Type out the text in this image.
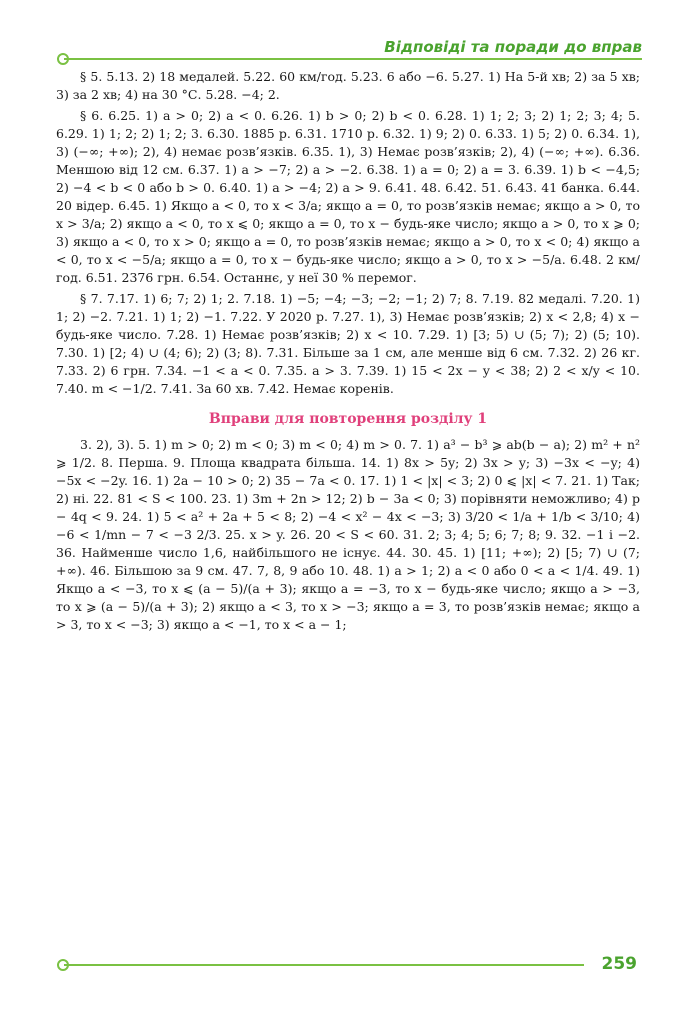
Відповіді та поради до вправ

§ 5. 5.13. 2) 18 медалей. 5.22. 60 км/год. 5.23. 6 або −6. 5.27. 1) На 5-й хв; 2) за 5 хв; 3) за 2 хв; 4) на 30 °С. 5.28. −4; 2.

§ 6. 6.25. 1) a > 0; 2) a < 0. 6.26. 1) b > 0; 2) b < 0. 6.28. 1) 1; 2; 3; 2) 1; 2; 3; 4; 5. 6.29. 1) 1; 2; 2) 1; 2; 3. 6.30. 1885 р. 6.31. 1710 р. 6.32. 1) 9; 2) 0. 6.33. 1) 5; 2) 0. 6.34. 1), 3) (−∞; +∞); 2), 4) немає розв’язків. 6.35. 1), 3) Немає розв’язків; 2), 4) (−∞; +∞). 6.36. Меншою від 12 см. 6.37. 1) a > −7; 2) a > −2. 6.38. 1) a = 0; 2) a = 3. 6.39. 1) b < −4,5; 2) −4 < b < 0 або b > 0. 6.40. 1) a > −4; 2) a > 9. 6.41. 48. 6.42. 51. 6.43. 41 банка. 6.44. 20 відер. 6.45. 1) Якщо a < 0, то x < 3/a; якщо a = 0, то розв’язків немає; якщо a > 0, то x > 3/a; 2) якщо a < 0, то x ⩽ 0; якщо a = 0, то x − будь-яке число; якщо a > 0, то x ⩾ 0; 3) якщо a < 0, то x > 0; якщо a = 0, то розв’язків немає; якщо a > 0, то x < 0; 4) якщо a < 0, то x < −5/a; якщо a = 0, то x − будь-яке число; якщо a > 0, то x > −5/a. 6.48. 2 км/год. 6.51. 2376 грн. 6.54. Останнє, у неї 30 % перемог.

§ 7. 7.17. 1) 6; 7; 2) 1; 2. 7.18. 1) −5; −4; −3; −2; −1; 2) 7; 8. 7.19. 82 медалі. 7.20. 1) 1; 2) −2. 7.21. 1) 1; 2) −1. 7.22. У 2020 р. 7.27. 1), 3) Немає розв’язків; 2) x < 2,8; 4) x − будь-яке число. 7.28. 1) Немає розв’язків; 2) x < 10. 7.29. 1) [3; 5) ∪ (5; 7); 2) (5; 10). 7.30. 1) [2; 4) ∪ (4; 6); 2) (3; 8). 7.31. Більше за 1 см, але менше від 6 см. 7.32. 2) 26 кг. 7.33. 2) 6 грн. 7.34. −1 < a < 0. 7.35. a > 3. 7.39. 1) 15 < 2x − y < 38; 2) 2 < x/y < 10. 7.40. m < −1/2. 7.41. За 60 хв. 7.42. Немає коренів.

Вправи для повторення розділу 1

3. 2), 3). 5. 1) m > 0; 2) m < 0; 3) m < 0; 4) m > 0. 7. 1) a³ − b³ ⩾ ab(b − a); 2) m² + n² ⩾ 1/2. 8. Перша. 9. Площа квадрата більша. 14. 1) 8x > 5y; 2) 3x > y; 3) −3x < −y; 4) −5x < −2y. 16. 1) 2a − 10 > 0; 2) 35 − 7a < 0. 17. 1) 1 < |x| < 3; 2) 0 ⩽ |x| < 7. 21. 1) Так; 2) ні. 22. 81 < S < 100. 23. 1) 3m + 2n > 12; 2) b − 3a < 0; 3) порівняти неможливо; 4) p − 4q < 9. 24. 1) 5 < a² + 2a + 5 < 8; 2) −4 < x² − 4x < −3; 3) 3/20 < 1/a + 1/b < 3/10; 4) −6 < 1/mn − 7 < −3 2/3. 25. x > y. 26. 20 < S < 60. 31. 2; 3; 4; 5; 6; 7; 8; 9. 32. −1 і −2. 36. Найменше число 1,6, найбільшого не існує. 44. 30. 45. 1) [11; +∞); 2) [5; 7) ∪ (7; +∞). 46. Більшою за 9 см. 47. 7, 8, 9 або 10. 48. 1) a > 1; 2) a < 0 або 0 < a < 1/4. 49. 1) Якщо a < −3, то x ⩽ (a − 5)/(a + 3); якщо a = −3, то x − будь-яке число; якщо a > −3, то x ⩾ (a − 5)/(a + 3); 2) якщо a < 3, то x > −3; якщо a = 3, то розв’язків немає; якщо a > 3, то x < −3; 3) якщо a < −1, то x < a − 1;

259
